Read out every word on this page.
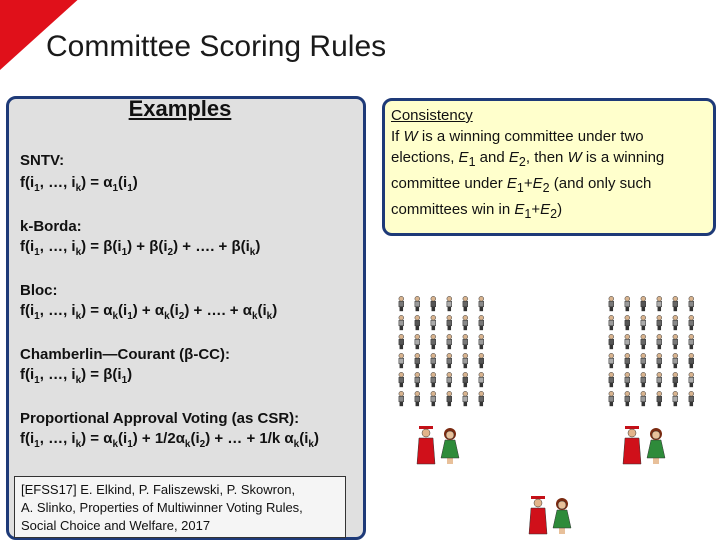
Committee Scoring Rules
Examples
SNTV:
$f(i_1$, …, $i_k) = \alpha_1(i_1)$
k-Borda:
$f(i_1$, …, $i_k) = \beta(i_1) + \beta(i_2)$ + …. + $\beta(i_k)$
Bloc:
$f(i_1$, …, $i_k) = \alpha_k(i_1) + \alpha_k(i_2)$ + …. + $\alpha_k(i_k)$
Chamberlin—Courant (β-CC):
$f(i_1$, …, $i_k) = \beta(i_1)$
Proportional Approval Voting (as CSR):
$f(i_1$, …, $i_k) = \alpha_k(i_1) + 1/2\alpha_k(i_2)$ + … + 1/k $\alpha_k(i_k)$
[EFSS17] E. Elkind, P. Faliszewski, P. Skowron,
A. Slinko, Properties of Multiwinner Voting Rules,
Social Choice and Welfare, 2017
Consistency
If W is a winning committee under two elections, $E_1$ and $E_2$, then W is a winning committee under $E_1+E_2$ (and only such committees win in $E_1+E_2$)
